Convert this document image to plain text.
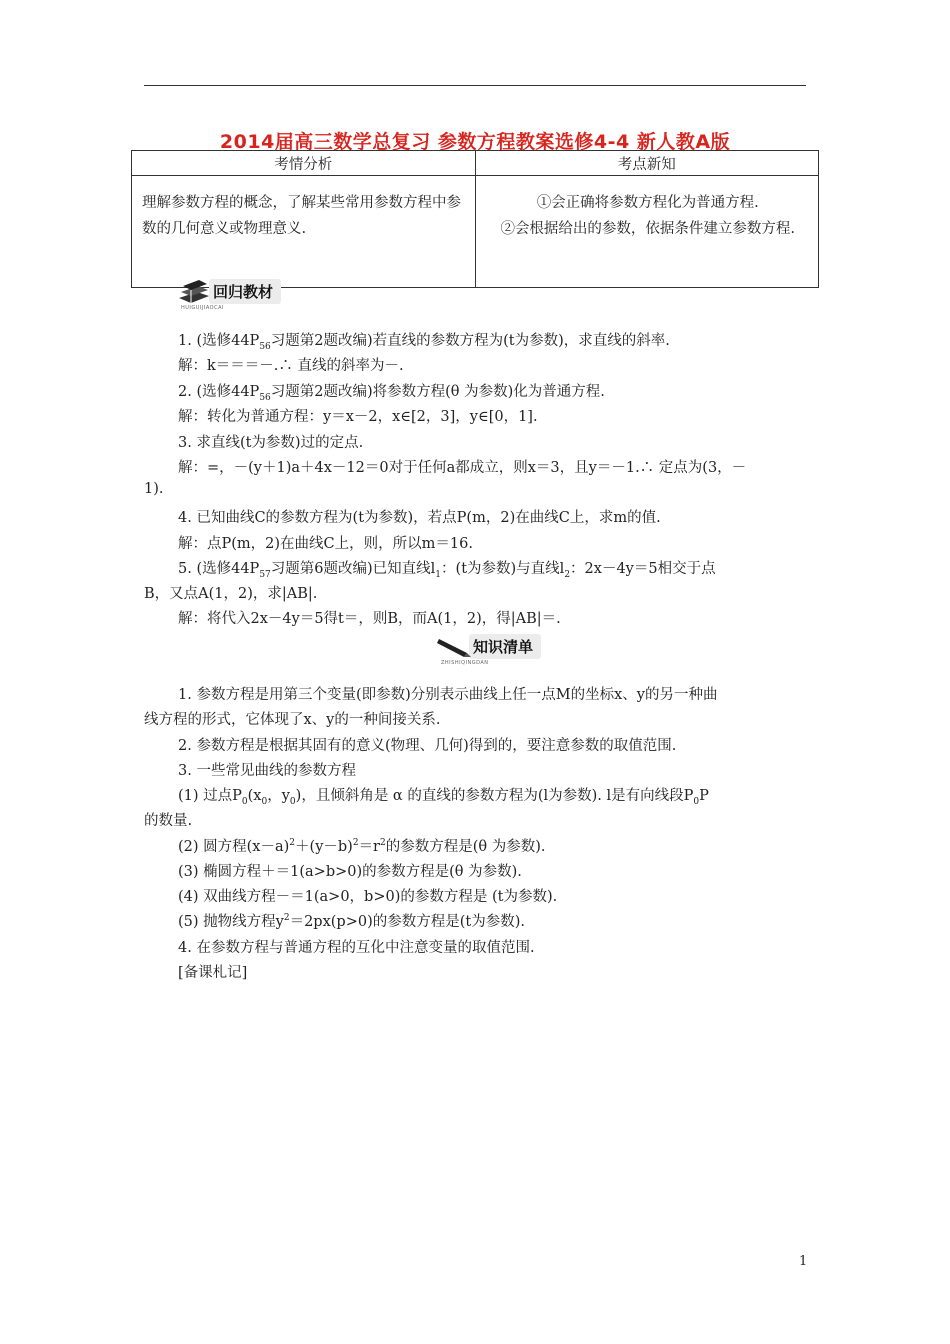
2014届高三数学总复习 参数方程教案选修4-4 新人教A版
考情分析	考点新知
理解参数方程的概念，了解某些常用参数方程中参数的几何意义或物理意义.	①会正确将参数方程化为普通方程.
②会根据给出的参数，依据条件建立参数方程.
回归教材
HUIGUIJIAOCAI
1. (选修$44P_{56}$习题第2题改编)若直线的参数方程为(t为参数)，求直线的斜率.
解：k＝＝＝－.∴ 直线的斜率为－.
2. (选修$44P_{56}$习题第2题改编)将参数方程(θ 为参数)化为普通方程.
解：转化为普通方程：y＝x－2，x∈[2，3]，y∈[0，1].
3. 求直线(t为参数)过的定点.
解：=，－(y＋1)a＋4x－12＝0对于任何a都成立，则x＝3，且y＝－1.∴ 定点为(3，－
1).
4. 已知曲线C的参数方程为(t为参数)，若点P(m，2)在曲线C上，求m的值.
解：点P(m，2)在曲线C上，则，所以m＝16.
5. (选修$44P_{57}$习题第6题改编)已知直线$l_1$：(t为参数)与直线$l_2$：2x－4y＝5相交于点
B，又点A(1，2)，求|AB|.
解：将代入2x－4y＝5得t＝，则B，而A(1，2)，得|AB|＝.
知识清单
ZHISHIQINGDAN
1. 参数方程是用第三个变量(即参数)分别表示曲线上任一点M的坐标x、y的另一种曲
线方程的形式，它体现了x、y的一种间接关系.
2. 参数方程是根据其固有的意义(物理、几何)得到的，要注意参数的取值范围.
3. 一些常见曲线的参数方程
(1) 过点$P_0(x_0$，$y_0$)，且倾斜角是 α 的直线的参数方程为(l为参数). l是有向线段$P_0P$
的数量.
(2) 圆方程$(x-a)^2+(y-b)^2=r^2$的参数方程是(θ 为参数).
(3) 椭圆方程＋＝1(a>b>0)的参数方程是(θ 为参数).
(4) 双曲线方程－＝1(a>0，b>0)的参数方程是 (t为参数).
(5) 抛物线方程$y^2=2px(p>0)$的参数方程是(t为参数).
4. 在参数方程与普通方程的互化中注意变量的取值范围.
[备课札记]
1
